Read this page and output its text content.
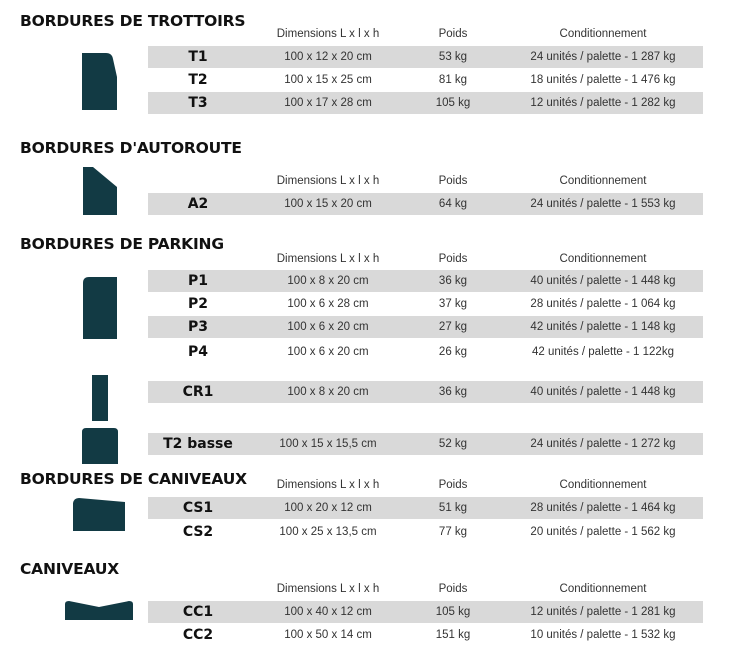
BORDURES DE TROTTOIRS
Dimensions L x l x h	Poids	Conditionnement
T1	100 x 12 x 20 cm	53 kg	24 unités / palette - 1 287 kg
T2	100 x 15 x 25 cm	81 kg	18 unités / palette - 1 476 kg
T3	100 x 17 x 28 cm	105 kg	12 unités / palette - 1 282 kg
BORDURES D'AUTOROUTE
Dimensions L x l x h	Poids	Conditionnement
A2	100 x 15 x 20 cm	64 kg	24 unités / palette - 1 553 kg
BORDURES DE PARKING
Dimensions L x l x h	Poids	Conditionnement
P1	100 x 8 x 20 cm	36 kg	40 unités / palette - 1 448 kg
P2	100 x 6 x 28 cm	37 kg	28 unités / palette - 1 064 kg
P3	100 x 6 x 20 cm	27 kg	42 unités / palette - 1 148 kg
P4	100 x 6 x 20 cm	26 kg	42 unités / palette - 1 122kg
CR1	100 x 8 x 20 cm	36 kg	40 unités / palette - 1 448 kg
T2 basse	100 x 15 x 15,5 cm	52 kg	24 unités / palette - 1 272 kg
BORDURES DE CANIVEAUX	Dimensions L x l x h	Poids	Conditionnement
CS1	100 x 20 x 12 cm	51 kg	28 unités / palette - 1 464 kg
CS2	100 x 25 x 13,5 cm	77 kg	20 unités / palette - 1 562 kg
CANIVEAUX
Dimensions L x l x h	Poids	Conditionnement
CC1	100 x 40 x 12 cm	105 kg	12 unités / palette - 1 281 kg
CC2	100 x 50 x 14 cm	151 kg	10 unités / palette - 1 532 kg
